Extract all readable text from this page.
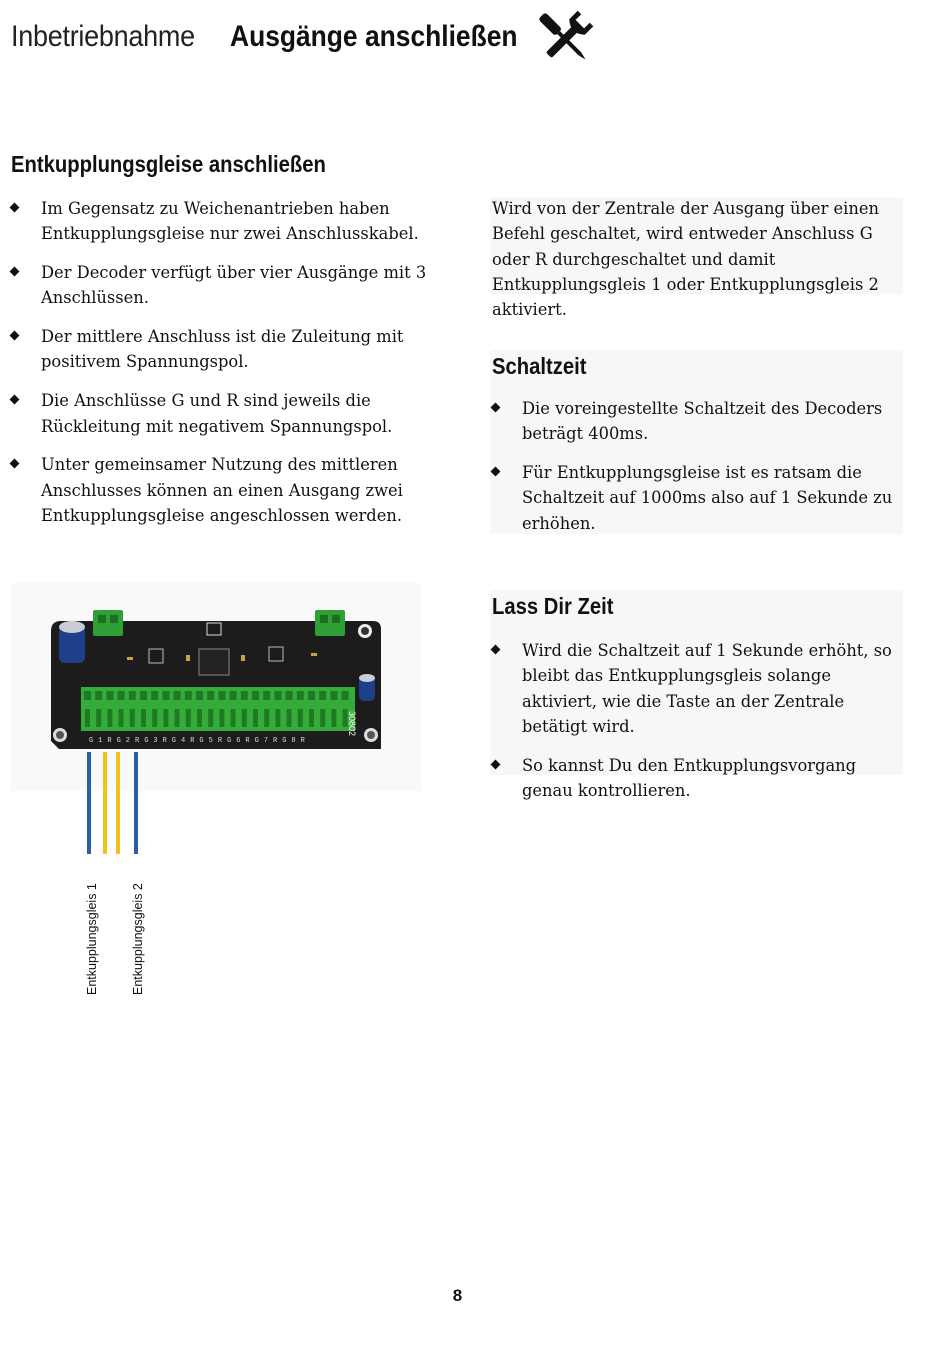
Inbetriebnahme Ausgänge anschließen
Entkupplungsgleise anschließen
Im Gegensatz zu Weichenantrieben haben Entkupplungsgleise nur zwei Anschlusskabel.
Der Decoder verfügt über vier Ausgänge mit 3 Anschlüssen.
Der mittlere Anschluss ist die Zuleitung mit positivem Spannungspol.
Die Anschlüsse G und R sind jeweils die Rückleitung mit negativem Spannungspol.
Unter gemeinsamer Nutzung des mittleren Anschlusses können an einen Ausgang zwei Entkupplungsgleise angeschlossen werden.
Wird von der Zentrale der Ausgang über einen Befehl geschaltet, wird entweder Anschluss G oder R durchgeschaltet und damit Entkupplungsgleis 1 oder Entkupplungsgleis 2 aktiviert.
Schaltzeit
Die voreingestellte Schaltzeit des Decoders beträgt 400ms.
Für Entkupplungsgleise ist es ratsam die Schaltzeit auf 1000ms also auf 1 Sekunde zu erhöhen.
Lass Dir Zeit
Wird die Schaltzeit auf 1 Sekunde erhöht, so bleibt das Entkupplungsgleis solange aktiviert, wie die Taste an der Zentrale betätigt wird.
So kannst Du den Entkupplungsvorgang genau kontrollieren.
30802
G 1 R G 2 R G 3 R G 4 R G 5 R G 6 R G 7 R G 8 R
Entkupplungsgleis 1	Entkupplungsgleis 2
8
